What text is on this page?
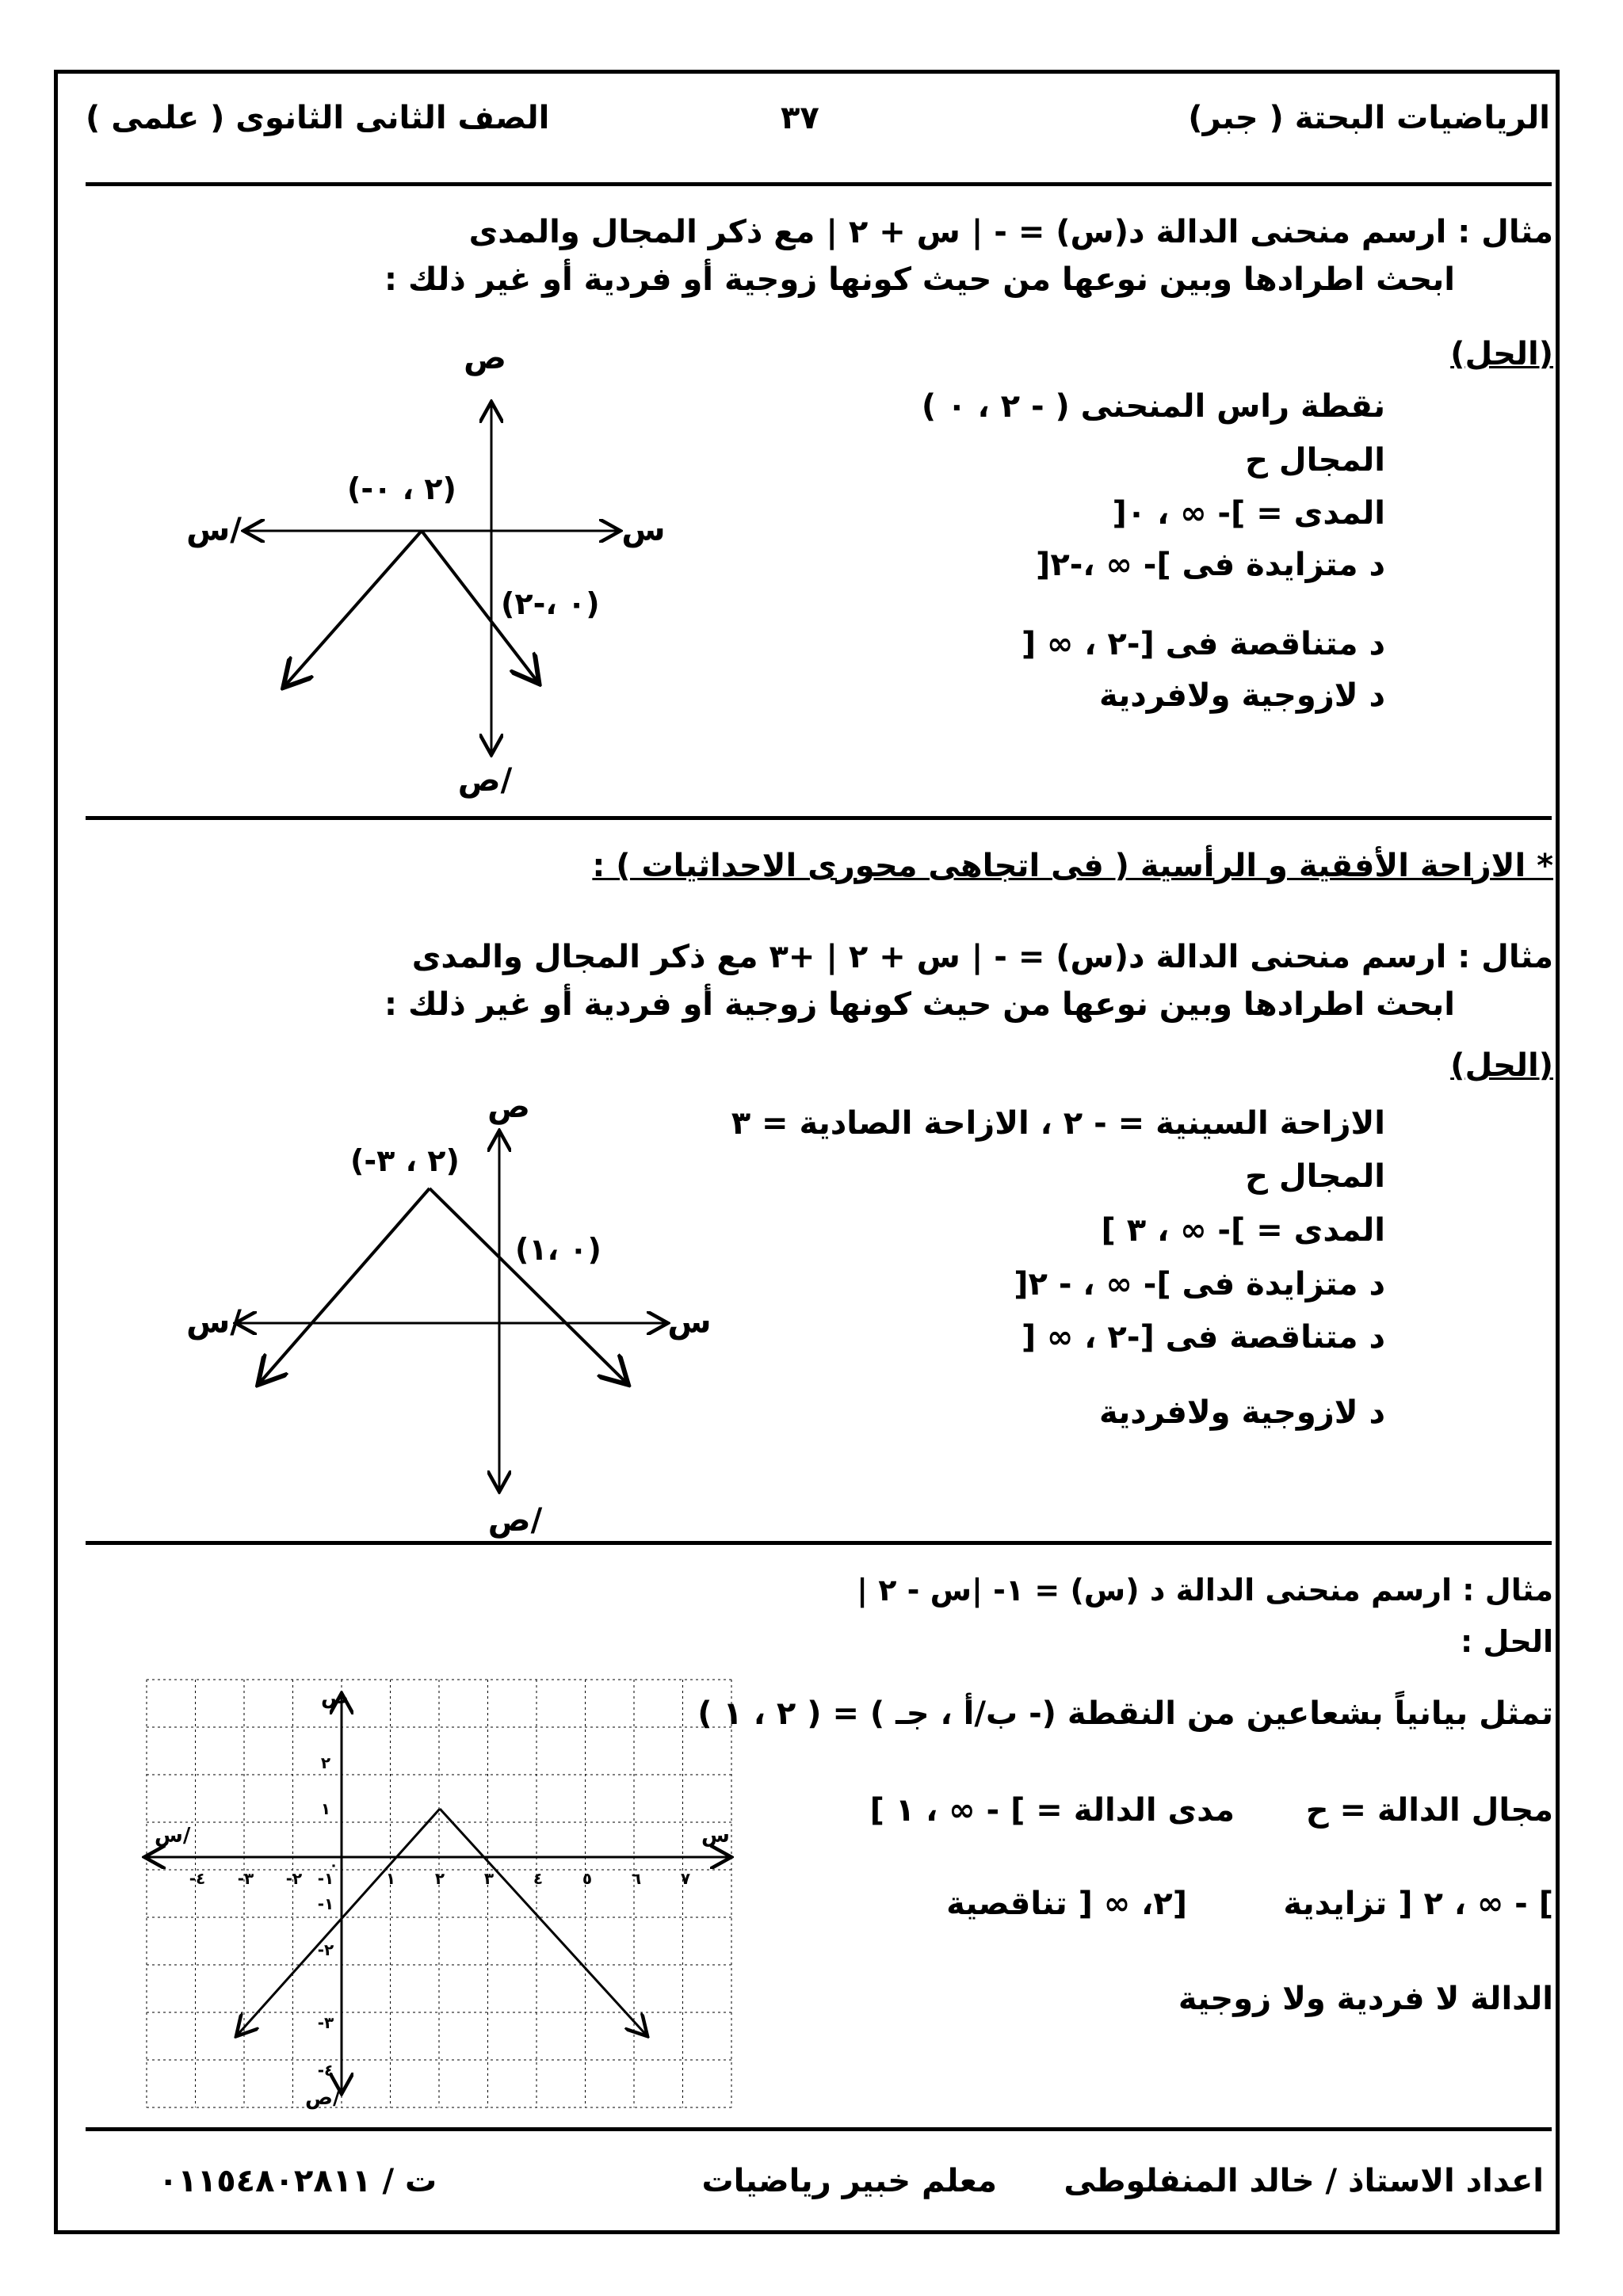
الرياضيات البحتة ( جبر)
٣٧
الصف الثانى الثانوى ( علمى )
مثال : ارسم منحنى الدالة د(س) = - | س + ٢ | مع ذكر المجال والمدى
ابحث اطرادها وبين نوعها من حيث كونها زوجية أو فردية أو غير ذلك :
(الحل)
نقطة راس المنحنى ( - ٢ ، ٠ )
المجال ح
المدى = ]- ∞ ، ٠[
د متزايدة فى ]- ∞ ،-٢[
د متناقصة فى [-٢ ، ∞ [
د لازوجية ولافردية
ص
ص/
س
س/
(-٢ ، ٠)
(٠ ،-٢)
* الازاحة الأفقية و الرأسية ( فى اتجاهى محورى الاحداثيات ) :
مثال : ارسم منحنى الدالة د(س) = - | س + ٢ | +٣ مع ذكر المجال والمدى
ابحث اطرادها وبين نوعها من حيث كونها زوجية أو فردية أو غير ذلك :
(الحل)
الازاحة السينية = - ٢ ، الازاحة الصادية = ٣
المجال ح
المدى = ]- ∞ ، ٣ ]
د متزايدة فى ]- ∞ ، - ٢[
د متناقصة فى [-٢ ، ∞ [
د لازوجية ولافردية
ص
ص/
س
س/
(-٢ ، ٣)
(٠ ،١)
مثال : ارسم منحنى الدالة د (س) = ١- |س - ٢ |
الحل :
تمثل بيانياً بشعاعين من النقطة (- ب/أ ، جـ ) = ( ٢ ، ١ )
مجال الدالة = ح
مدى الدالة = ] - ∞ ، ١ ]
] - ∞ ، ٢ [ تزايدية
[٢، ∞ [ تناقصية
الدالة لا فردية ولا زوجية
ص
ص/
س
س/
-٤ -٣ -٢ -١
٠
١ ٢ ٣ ٤ ٥ ٦ ٧
٢
١
-١
-٢
-٣
-٤
اعداد الاستاذ / خالد المنفلوطى
معلم خبير رياضيات
ت / ٠١١٥٤٨٠٢٨١١
